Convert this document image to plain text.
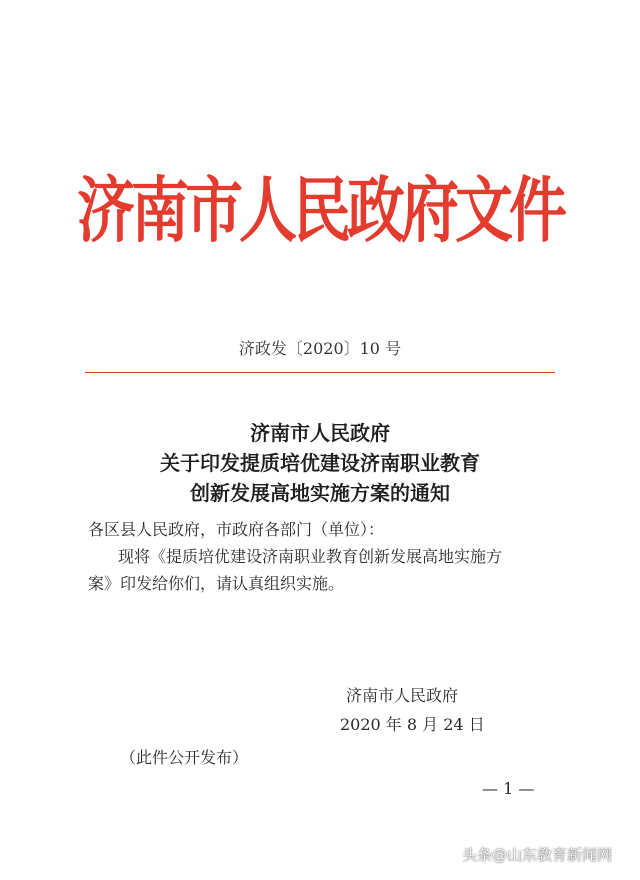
济南市人民政府文件
济政发〔2020〕10 号
济南市人民政府
关于印发提质培优建设济南职业教育
创新发展高地实施方案的通知
各区县人民政府，市政府各部门（单位）：
现将《提质培优建设济南职业教育创新发展高地实施方
案》印发给你们，请认真组织实施。
济南市人民政府
2020 年 8 月 24 日
（此件公开发布）
— 1 —
头条@山东教育新闻网
